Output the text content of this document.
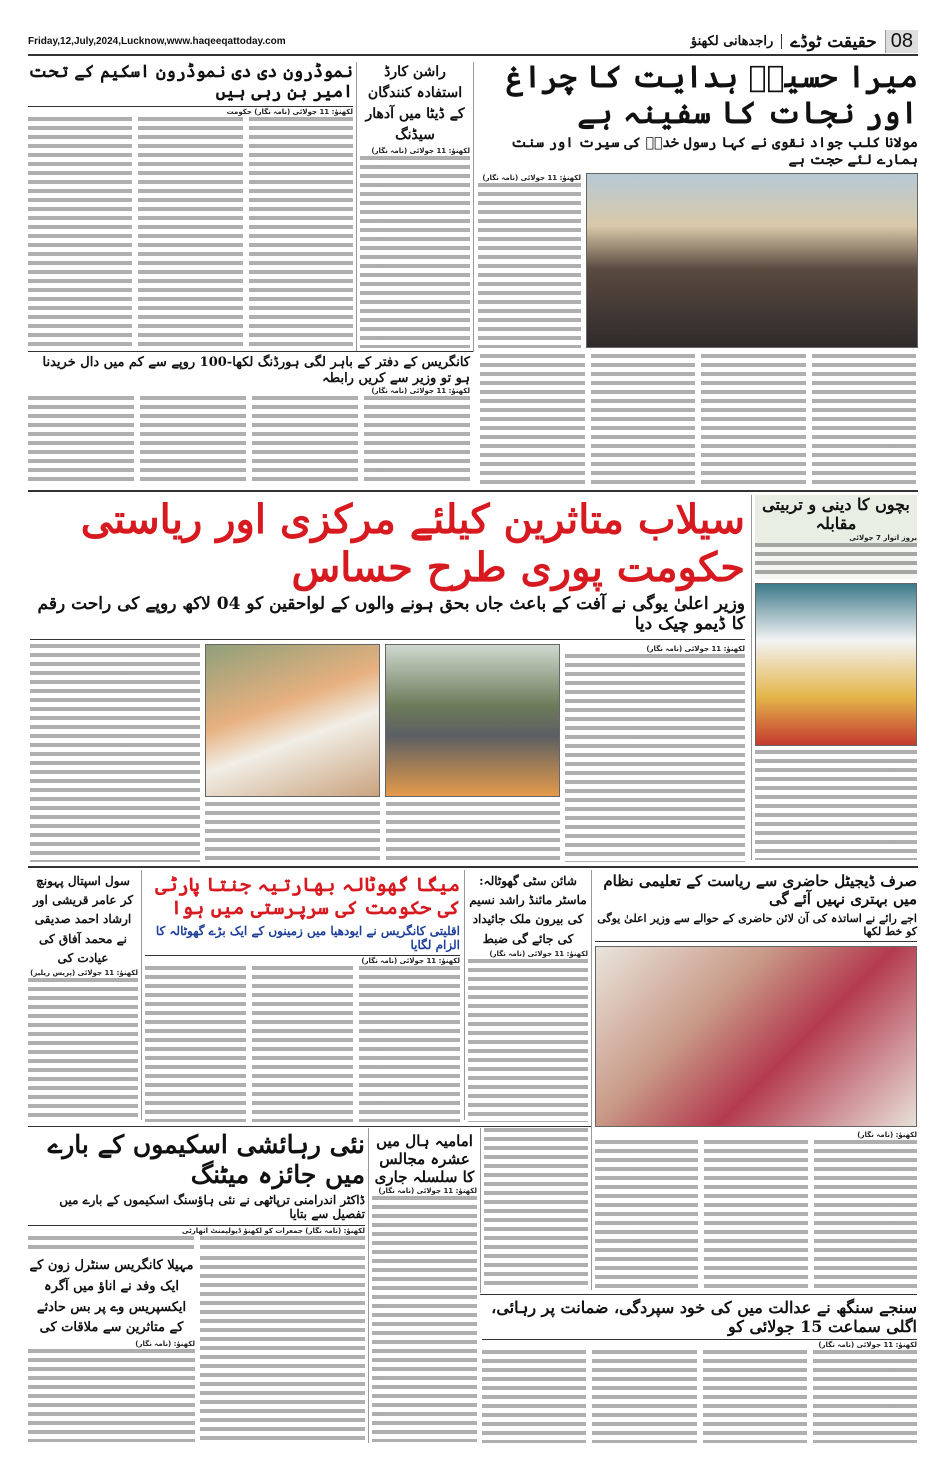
Friday,12,July,2024,Lucknow,www.haqeeqattoday.com	08
حقیقت ٹوڈے
راجدھانی لکھنؤ
میرا حسینؑ ہدایت کا چراغ اور نجات کا سفینہ ہے
مولانا کلب جواد نقوی نے کہا رسول خداؐ کی سیرت اور سنت ہمارے لئے حجت ہے
لکھنؤ: 11 جولائی (نامہ نگار)
راشن کارڈ استفادہ کنندگان کے ڈیٹا میں آدھار سیڈنگ
لکھنؤ: 11 جولائی (نامہ نگار)
نموڈرون دی دی نموڈرون اسکیم کے تحت امیر بن رہی ہیں
لکھنؤ: 11 جولائی (نامہ نگار) حکومت
کانگریس کے دفتر کے باہر لگی ہورڈنگ لکھا-100 روپے سے کم میں دال خریدنا ہو تو وزیر سے کریں رابطہ
لکھنؤ: 11 جولائی (نامہ نگار)
سیلاب متاثرین کیلئے مرکزی اور ریاستی حکومت پوری طرح حساس
وزیر اعلیٰ یوگی نے آفت کے باعث جاں بحق ہونے والوں کے لواحقین کو 04 لاکھ روپے کی راحت رقم کا ڈیمو چیک دیا
لکھنؤ: 11 جولائی (نامہ نگار)
بچوں کا دینی و تربیتی مقابلہ
بروز اتوار 7 جولائی
صرف ڈیجیٹل حاضری سے ریاست کے تعلیمی نظام میں بہتری نہیں آئے گی
اجے رائے نے اساتذہ کی آن لائن حاضری کے حوالے سے وزیر اعلیٰ یوگی کو خط لکھا
لکھنؤ: (نامہ نگار)
شائن سٹی گھوٹالہ: ماسٹر مائنڈ راشد نسیم کی بیرون ملک جائیداد کی جائے گی ضبط
لکھنؤ: 11 جولائی (نامہ نگار)
میگا گھوٹالہ بھارتیہ جنتا پارٹی کی حکومت کی سرپرستی میں ہوا
اقلیتی کانگریس نے ایودھیا میں زمینوں کے ایک بڑے گھوٹالہ کا الزام لگایا
لکھنؤ: 11 جولائی (نامہ نگار)
سول اسپتال پہونچ کر عامر قریشی اور ارشاد احمد صدیقی نے محمد آفاق کی عیادت کی
لکھنؤ: 11 جولائی (پریس ریلیز)
نئی رہائشی اسکیموں کے بارے میں جائزہ میٹنگ
ڈاکٹر اندرامنی ترپاٹھی نے نئی ہاؤسنگ اسکیموں کے بارے میں تفصیل سے بتایا
لکھنؤ: (نامہ نگار) جمعرات کو لکھنؤ ڈیولپمنٹ اتھارٹی
مہیلا کانگریس سنٹرل زون کے ایک وفد نے اناؤ میں آگرہ ایکسپریس وے پر بس حادثے کے متاثرین سے ملاقات کی
لکھنؤ: (نامہ نگار)
امامیہ ہال میں عشرہ مجالس کا سلسلہ جاری
لکھنؤ: 11 جولائی (نامہ نگار)
سنجے سنگھ نے عدالت میں کی خود سپردگی، ضمانت پر رہائی، اگلی سماعت 15 جولائی کو
لکھنؤ: 11 جولائی (نامہ نگار)
